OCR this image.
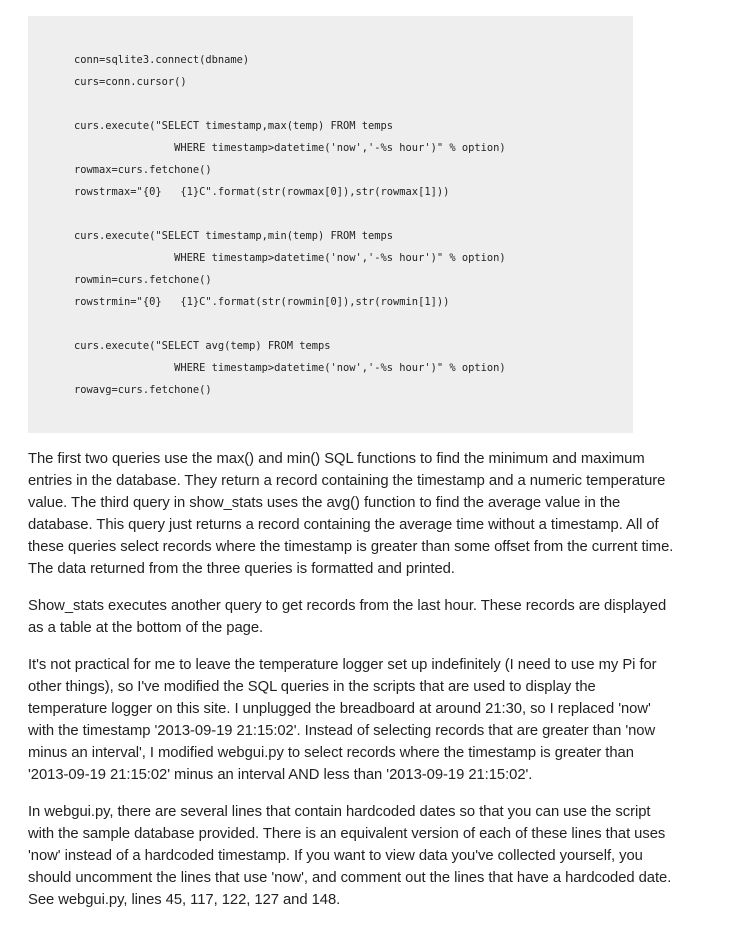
conn=sqlite3.connect(dbname)
curs=conn.cursor()
curs.execute("SELECT timestamp,max(temp) FROM temps
WHERE timestamp>datetime('now','-%s hour')" % option)
rowmax=curs.fetchone()
rowstrmax="{0}   {1}C".format(str(rowmax[0]),str(rowmax[1]))
curs.execute("SELECT timestamp,min(temp) FROM temps
WHERE timestamp>datetime('now','-%s hour')" % option)
rowmin=curs.fetchone()
rowstrmin="{0}   {1}C".format(str(rowmin[0]),str(rowmin[1]))
curs.execute("SELECT avg(temp) FROM temps
WHERE timestamp>datetime('now','-%s hour')" % option)
rowavg=curs.fetchone()

The first two queries use the max() and min() SQL functions to find the minimum and maximum
entries in the database. They return a record containing the timestamp and a numeric temperature
value. The third query in show_stats uses the avg() function to find the average value in the
database. This query just returns a record containing the average time without a timestamp. All of
these queries select records where the timestamp is greater than some offset from the current time.
The data returned from the three queries is formatted and printed.

Show_stats executes another query to get records from the last hour. These records are displayed
as a table at the bottom of the page.

It's not practical for me to leave the temperature logger set up indefinitely (I need to use my Pi for
other things), so I've modified the SQL queries in the scripts that are used to display the
temperature logger on this site. I unplugged the breadboard at around 21:30, so I replaced 'now'
with the timestamp '2013-09-19 21:15:02'. Instead of selecting records that are greater than 'now
minus an interval', I modified webgui.py to select records where the timestamp is greater than
'2013-09-19 21:15:02' minus an interval AND less than '2013-09-19 21:15:02'.

In webgui.py, there are several lines that contain hardcoded dates so that you can use the script
with the sample database provided. There is an equivalent version of each of these lines that uses
'now' instead of a hardcoded timestamp. If you want to view data you've collected yourself, you
should uncomment the lines that use 'now', and comment out the lines that have a hardcoded date.
See webgui.py, lines 45, 117, 122, 127 and 148.
